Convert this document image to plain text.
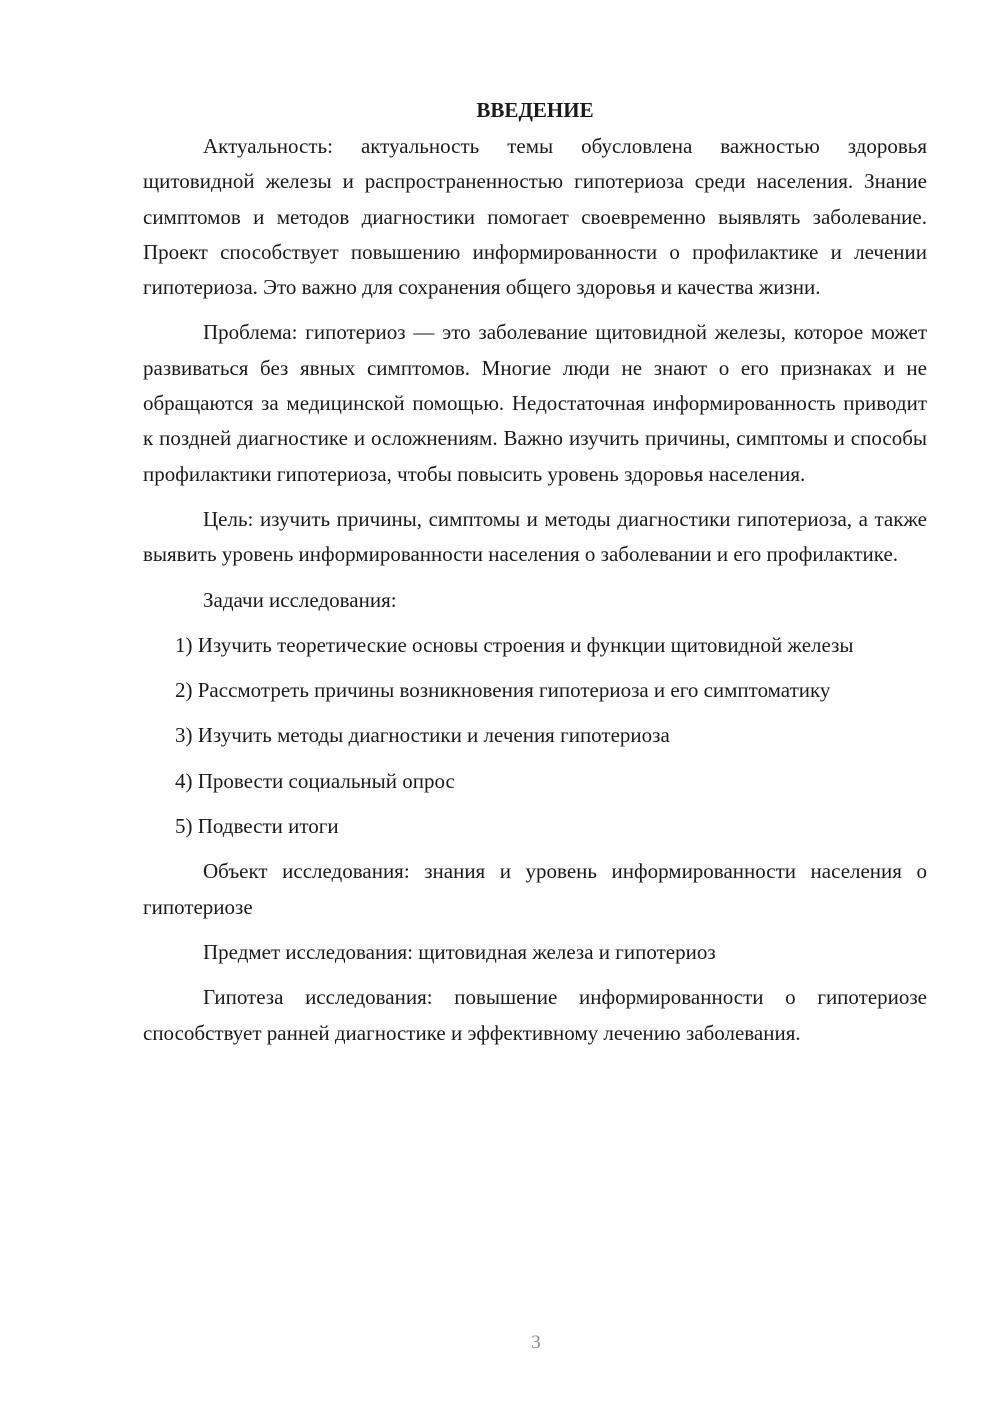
ВВЕДЕНИЕ

Актуальность: актуальность темы обусловлена важностью здоровья щитовидной железы и распространенностью гипотериоза среди населения. Знание симптомов и методов диагностики помогает своевременно выявлять заболевание. Проект способствует повышению информированности о профилактике и лечении гипотериоза. Это важно для сохранения общего здоровья и качества жизни.

Проблема: гипотериоз — это заболевание щитовидной железы, которое может развиваться без явных симптомов. Многие люди не знают о его признаках и не обращаются за медицинской помощью. Недостаточная информированность приводит к поздней диагностике и осложнениям. Важно изучить причины, симптомы и способы профилактики гипотериоза, чтобы повысить уровень здоровья населения.

Цель: изучить причины, симптомы и методы диагностики гипотериоза, а также выявить уровень информированности населения о заболевании и его профилактике.

Задачи исследования:

1) Изучить теоретические основы строения и функции щитовидной железы

2) Рассмотреть причины возникновения гипотериоза и его симптоматику

3) Изучить методы диагностики и лечения гипотериоза

4) Провести социальный опрос

5) Подвести итоги

Объект исследования: знания и уровень информированности населения о гипотериозе

Предмет исследования: щитовидная железа и гипотериоз

Гипотеза исследования: повышение информированности о гипотериозе способствует ранней диагностике и эффективному лечению заболевания.

3
